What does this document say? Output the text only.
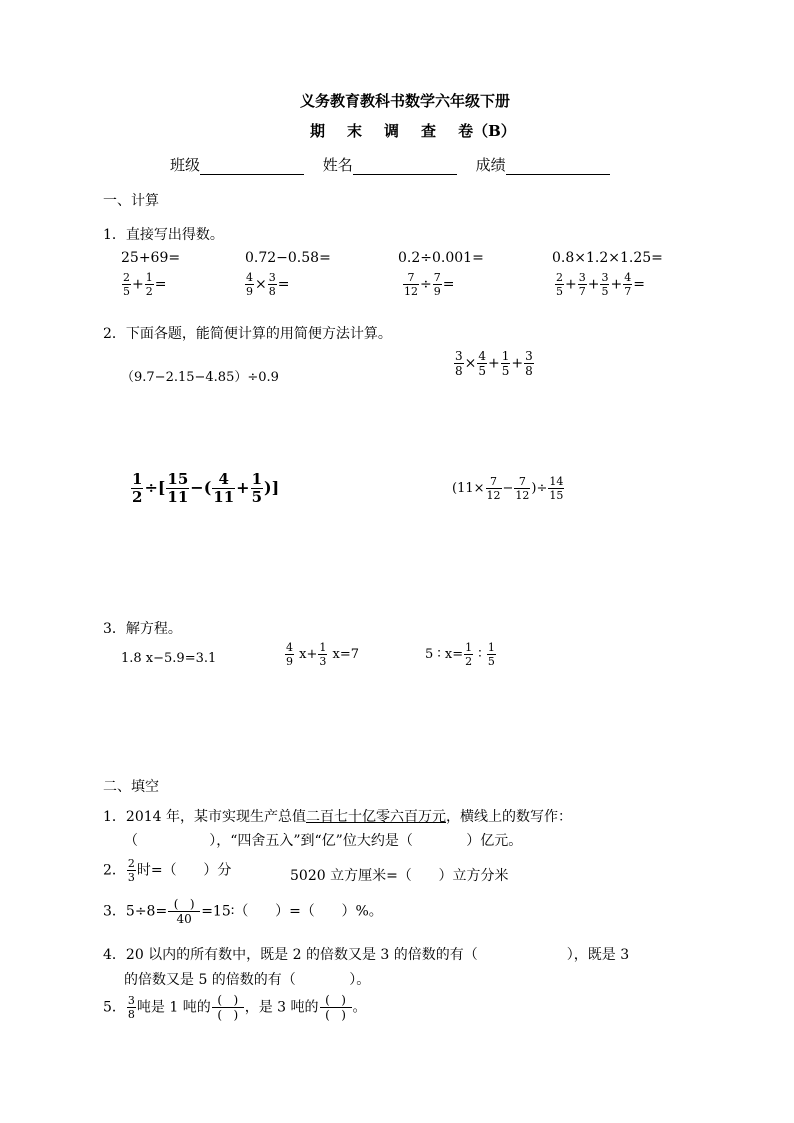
义务教育教科书数学六年级下册
期 末 调 查 卷（B）
班级	姓名	成绩
一、计算
1．直接写出得数。
25+69=	0.72−0.58=	0.2÷0.001=	0.8×1.2×1.25=
$\frac{2}{5} + \frac{1}{2}$ =	$\frac{4}{9} \times \frac{3}{8}$ =	$\frac{7}{12} \div \frac{7}{9}$ =	$\frac{2}{5} + \frac{3}{7} + \frac{3}{5} + \frac{4}{7}$ =
2．下面各题，能简便计算的用简便方法计算。
（9.7−2.15−4.85）÷0.9
$\frac{3}{8} \times \frac{4}{5} + \frac{1}{5} + \frac{3}{8}$
$\frac{1}{2}$ ÷[ $\frac{15}{11}$ −( $\frac{4}{11} + \frac{1}{5}$ )]	($11\times \frac{7}{12} - \frac{7}{12}$ )÷ $\frac{14}{15}$
3．解方程。
1.8 x−5.9=3.1	$\frac{4}{9} x+ \frac{1}{3} x=7$	5 ∶ $x= \frac{1}{2}$ ∶ $\frac{1}{5}$
二、填空
1．2014 年，某市实现生产总值二百七十亿零六百万元，横线上的数写作：
（                ），“四舍五入”到“亿”位大约是（            ）亿元。
2． $\frac{2}{3}$ 时=（      ）分	5020 立方厘米=（      ）立方分米
3．5÷8= (   )
40 =15∶（      ）=（      ）%。
4．20 以内的所有数中，既是 2 的倍数又是 3 的倍数的有（                    ），既是 3
的倍数又是 5 的倍数的有（            ）。
5． $\frac{3}{8}$ 吨是 1 吨的 (   )
(   ) ，是 3 吨的 (   )
(   ) 。
